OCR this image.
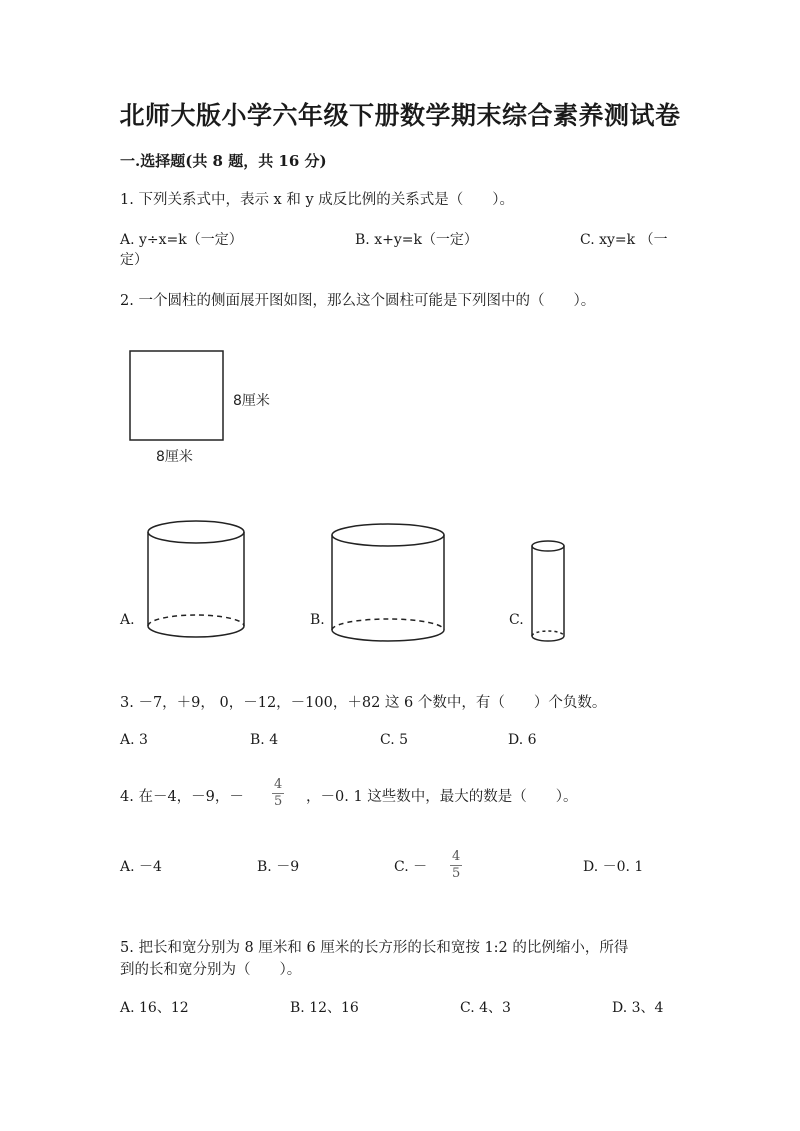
北师大版小学六年级下册数学期末综合素养测试卷
一.选择题(共 8 题，共 16 分)
1. 下列关系式中，表示 x 和 y 成反比例的关系式是（　　）。
A. y÷x=k（一定）	B. x+y=k（一定）	C. xy=k （一
定）
2. 一个圆柱的侧面展开图如图，那么这个圆柱可能是下列图中的（　　）。
8厘米
8厘米
A.	B.	C.
3. －7，＋9， 0，－12，－100，＋82 这 6 个数中，有（　　）个负数。
A. 3	B. 4	C. 5	D. 6
4. 在－4，－9，－ $\frac{4}{5}$ ，－0. 1 这些数中，最大的数是（　　）。
A. －4	B. －9	C. － $\frac{4}{5}$	D. －0. 1
5. 把长和宽分别为 8 厘米和 6 厘米的长方形的长和宽按 1:2 的比例缩小，所得
到的长和宽分别为（　　）。
A. 16、12	B. 12、16	C. 4、3	D. 3、4
